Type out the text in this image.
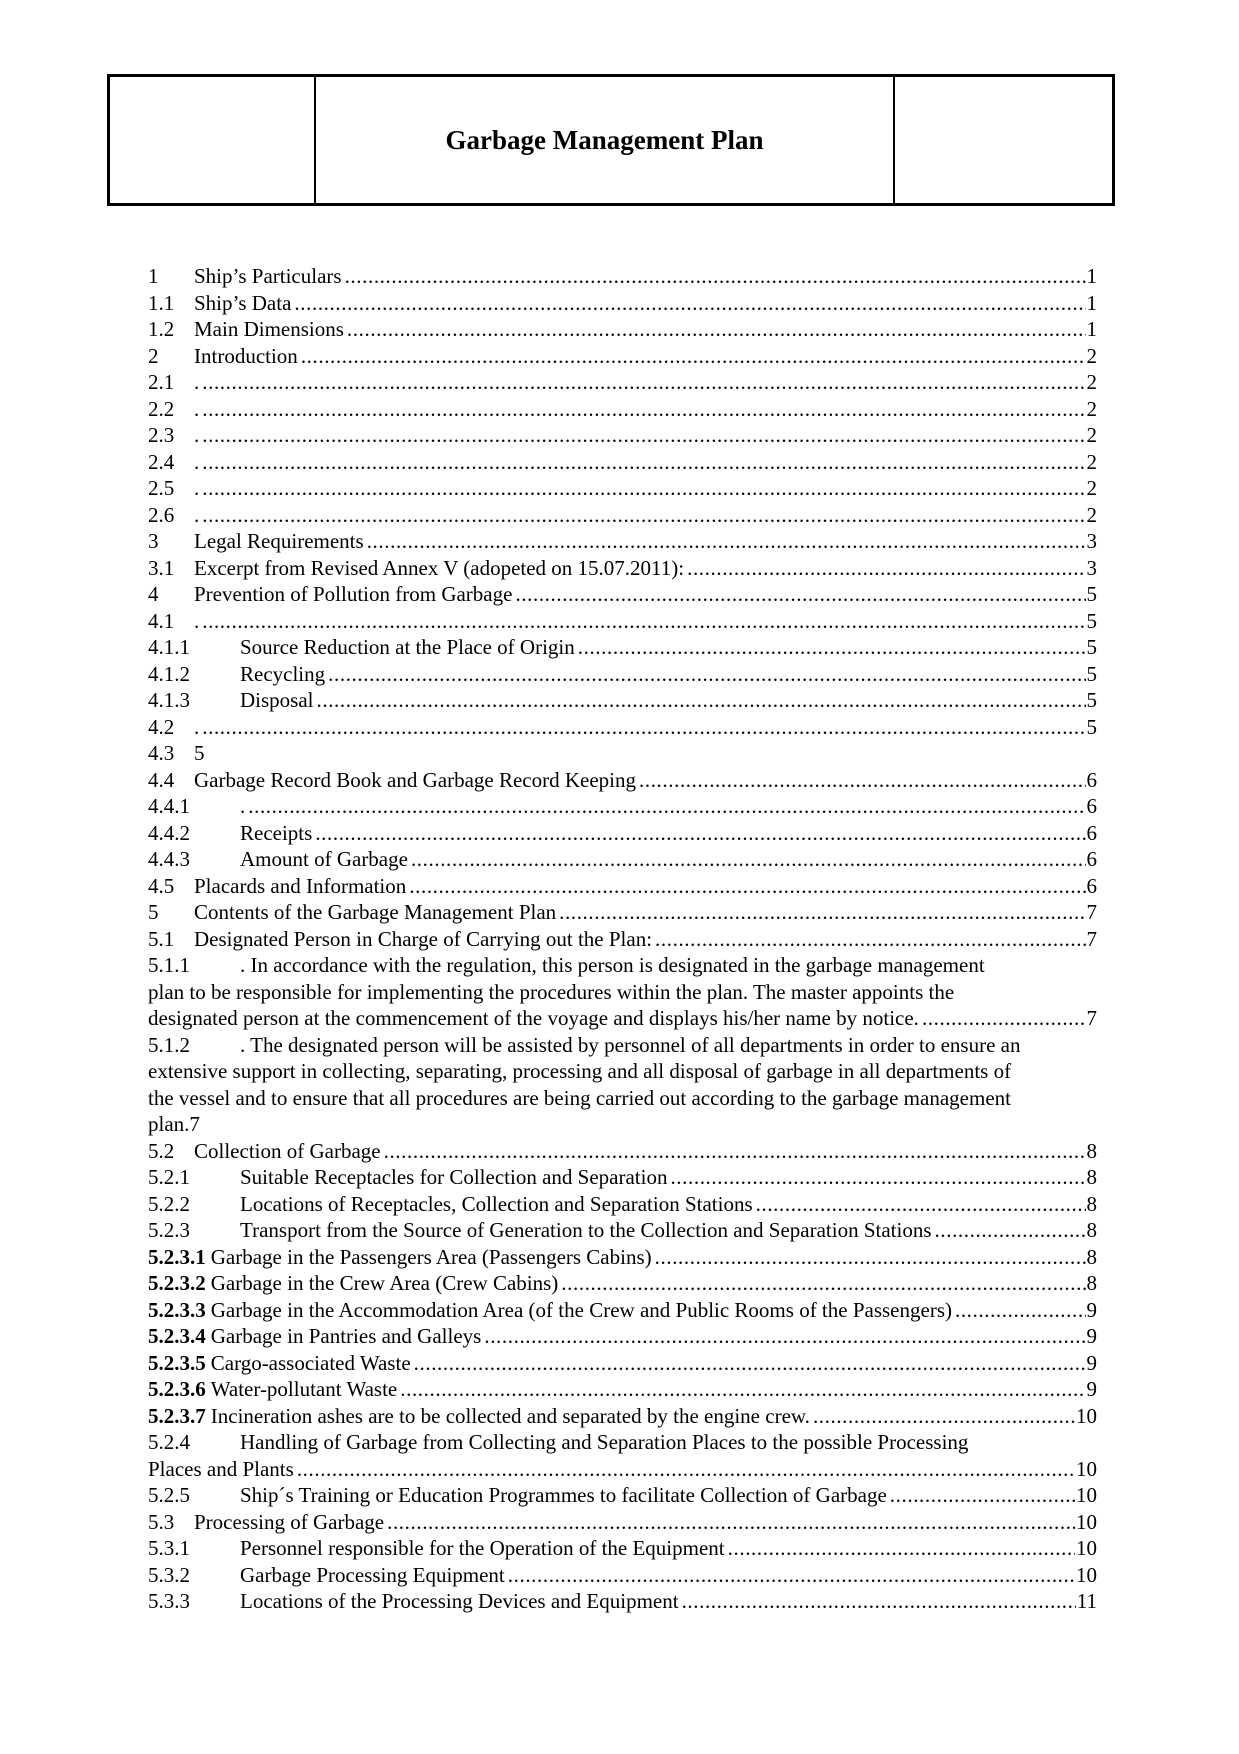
Garbage Management Plan
1	Ship’s Particulars .....	1
1.1 Ship’s Data .....	1
1.2 Main Dimensions .....	1
2	Introduction .....	2
2.1 . .....	2
2.2 . .....	2
2.3 . .....	2
2.4 . .....	2
2.5 . .....	2
2.6 . .....	2
3	Legal Requirements .....	3
3.1 Excerpt from Revised Annex V (adopeted on 15.07.2011): .....	3
4	Prevention of Pollution from Garbage .....	5
4.1 . .....	5
4.1.1	Source Reduction at the Place of Origin .....	5
4.1.2	Recycling .....	5
4.1.3	Disposal .....	5
4.2 . .....	5
4.3 5
4.4 Garbage Record Book and Garbage Record Keeping .....	6
4.4.1	. .....	6
4.4.2	Receipts .....	6
4.4.3	Amount of Garbage .....	6
4.5 Placards and Information .....	6
5	Contents of the Garbage Management Plan .....	7
5.1 Designated Person in Charge of Carrying out the Plan: .....	7
5.1.1	. In accordance with the regulation, this person is designated in the garbage management
plan to be responsible for implementing the procedures within the plan. The master appoints the
designated person at the commencement of the voyage and displays his/her name by notice. .....	7
5.1.2	. The designated person will be assisted by personnel of all departments in order to ensure an
extensive support in collecting, separating, processing and all disposal of garbage in all departments of
the vessel and to ensure that all procedures are being carried out according to the garbage management
plan.7
5.2 Collection of Garbage .....	8
5.2.1	Suitable Receptacles for Collection and Separation .....	8
5.2.2	Locations of Receptacles, Collection and Separation Stations .....	8
5.2.3	Transport from the Source of Generation to the Collection and Separation Stations .....	8
5.2.3.1 Garbage in the Passengers Area (Passengers Cabins) .....	8
5.2.3.2 Garbage in the Crew Area (Crew Cabins) .....	8
5.2.3.3 Garbage in the Accommodation Area (of the Crew and Public Rooms of the Passengers) .....	9
5.2.3.4 Garbage in Pantries and Galleys .....	9
5.2.3.5 Cargo-associated Waste .....	9
5.2.3.6 Water-pollutant Waste .....	9
5.2.3.7 Incineration ashes are to be collected and separated by the engine crew. .....	10
5.2.4	Handling of Garbage from Collecting and Separation Places to the possible Processing
Places and Plants .....	10
5.2.5	Ship´s Training or Education Programmes to facilitate Collection of Garbage .....	10
5.3 Processing of Garbage .....	10
5.3.1	Personnel responsible for the Operation of the Equipment .....	10
5.3.2	Garbage Processing Equipment .....	10
5.3.3	Locations of the Processing Devices and Equipment .....	11
